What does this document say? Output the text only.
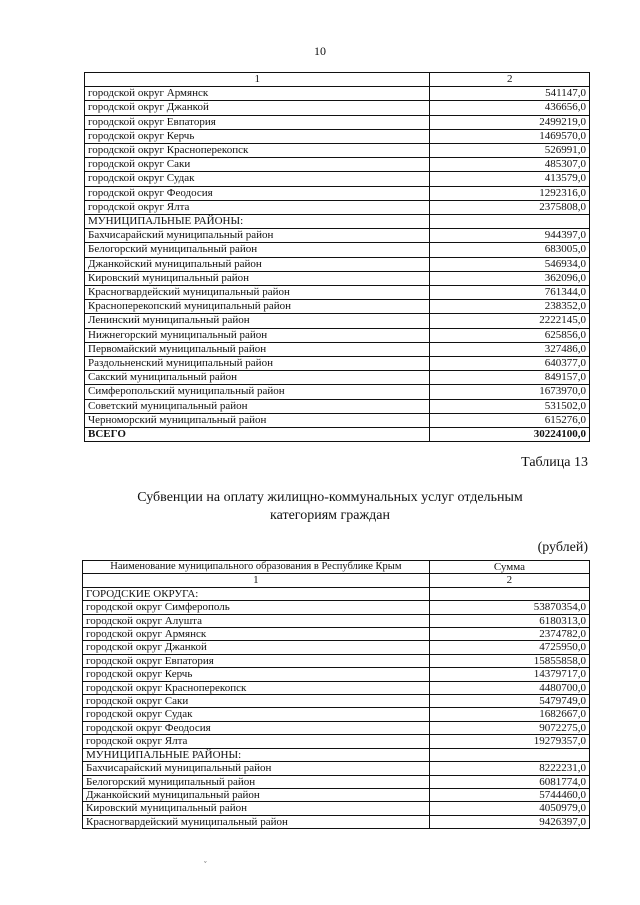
10
1	2
городской округ Армянск	541147,0
городской округ Джанкой	436656,0
городской округ Евпатория	2499219,0
городской округ Керчь	1469570,0
городской округ Красноперекопск	526991,0
городской округ Саки	485307,0
городской округ Судак	413579,0
городской округ Феодосия	1292316,0
городской округ Ялта	2375808,0
МУНИЦИПАЛЬНЫЕ РАЙОНЫ:	
Бахчисарайский муниципальный район	944397,0
Белогорский муниципальный район	683005,0
Джанкойский муниципальный район	546934,0
Кировский муниципальный район	362096,0
Красногвардейский муниципальный район	761344,0
Красноперекопский муниципальный район	238352,0
Ленинский муниципальный район	2222145,0
Нижнегорский муниципальный район	625856,0
Первомайский муниципальный район	327486,0
Раздольненский муниципальный район	640377,0
Сакский муниципальный район	849157,0
Симферопольский муниципальный район	1673970,0
Советский муниципальный район	531502,0
Черноморский муниципальный район	615276,0
ВСЕГО	30224100,0
Таблица 13
Субвенции на оплату жилищно-коммунальных услуг отдельным
категориям граждан
(рублей)
Наименование муниципального образования в Республике Крым	Сумма
1	2
ГОРОДСКИЕ ОКРУГА:	
городской округ Симферополь	53870354,0
городской округ Алушта	6180313,0
городской округ Армянск	2374782,0
городской округ Джанкой	4725950,0
городской округ Евпатория	15855858,0
городской округ Керчь	14379717,0
городской округ Красноперекопск	4480700,0
городской округ Саки	5479749,0
городской округ Судак	1682667,0
городской округ Феодосия	9072275,0
городской округ Ялта	19279357,0
МУНИЦИПАЛЬНЫЕ РАЙОНЫ:	
Бахчисарайский муниципальный район	8222231,0
Белогорский муниципальный район	6081774,0
Джанкойский муниципальный район	5744460,0
Кировский муниципальный район	4050979,0
Красногвардейский муниципальный район	9426397,0
ˇ
